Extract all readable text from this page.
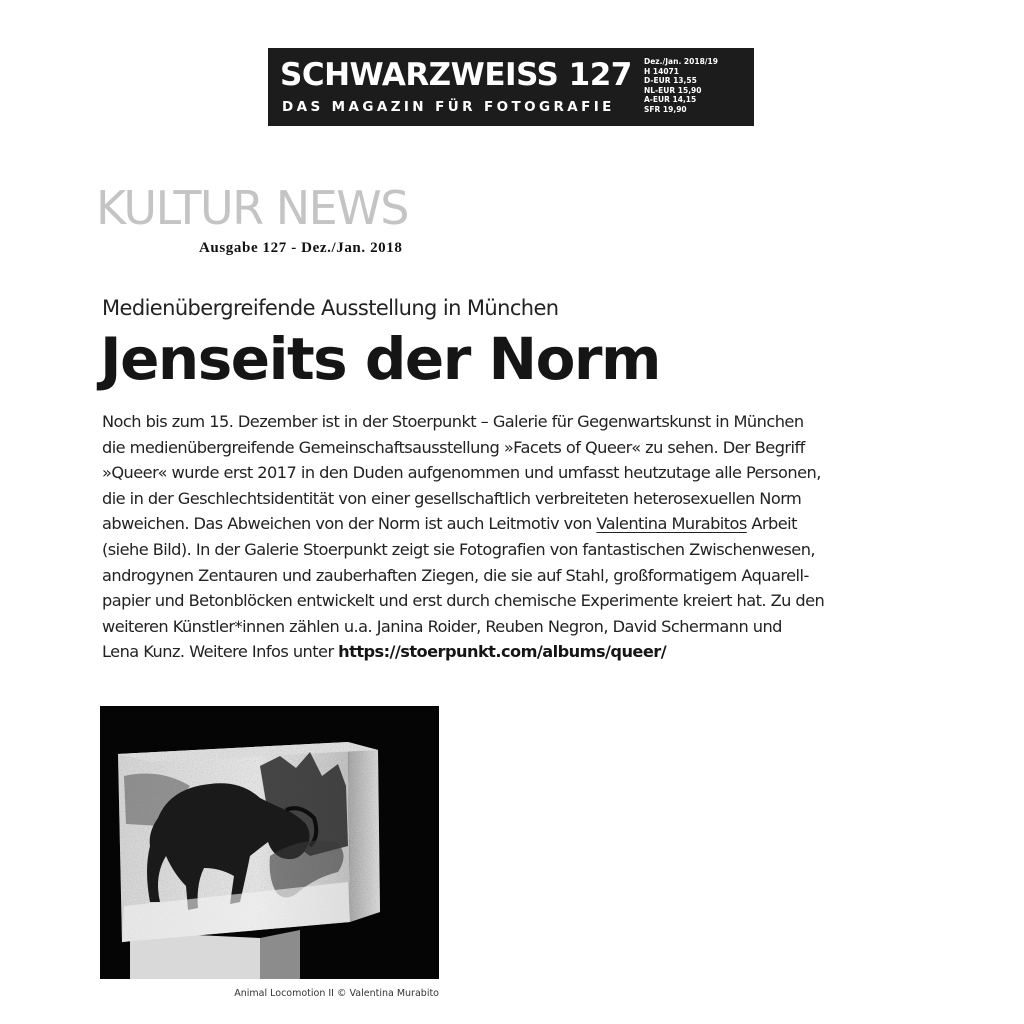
SCHWARZWEISS 127
DAS MAGAZIN FÜR FOTOGRAFIE
Dez./Jan. 2018/19
H 14071
D-EUR 13,55
NL-EUR 15,90
A-EUR 14,15
SFR 19,90
KULTUR NEWS
Ausgabe 127 - Dez./Jan. 2018
Medienübergreifende Ausstellung in München
Jenseits der Norm
Noch bis zum 15. Dezember ist in der Stoerpunkt – Galerie für Gegenwartskunst in München
die medienübergreifende Gemeinschaftsausstellung »Facets of Queer« zu sehen. Der Begriff
»Queer« wurde erst 2017 in den Duden aufgenommen und umfasst heutzutage alle Personen,
die in der Geschlechtsidentität von einer gesellschaftlich verbreiteten heterosexuellen Norm
abweichen. Das Abweichen von der Norm ist auch Leitmotiv von Valentina Murabitos Arbeit
(siehe Bild). In der Galerie Stoerpunkt zeigt sie Fotografien von fantastischen Zwischenwesen,
androgynen Zentauren und zauberhaften Ziegen, die sie auf Stahl, großformatigem Aquarell-
papier und Betonblöcken entwickelt und erst durch chemische Experimente kreiert hat. Zu den
weiteren Künstler*innen zählen u.a. Janina Roider, Reuben Negron, David Schermann und
Lena Kunz. Weitere Infos unter https://stoerpunkt.com/albums/queer/
Animal Locomotion II © Valentina Murabito
